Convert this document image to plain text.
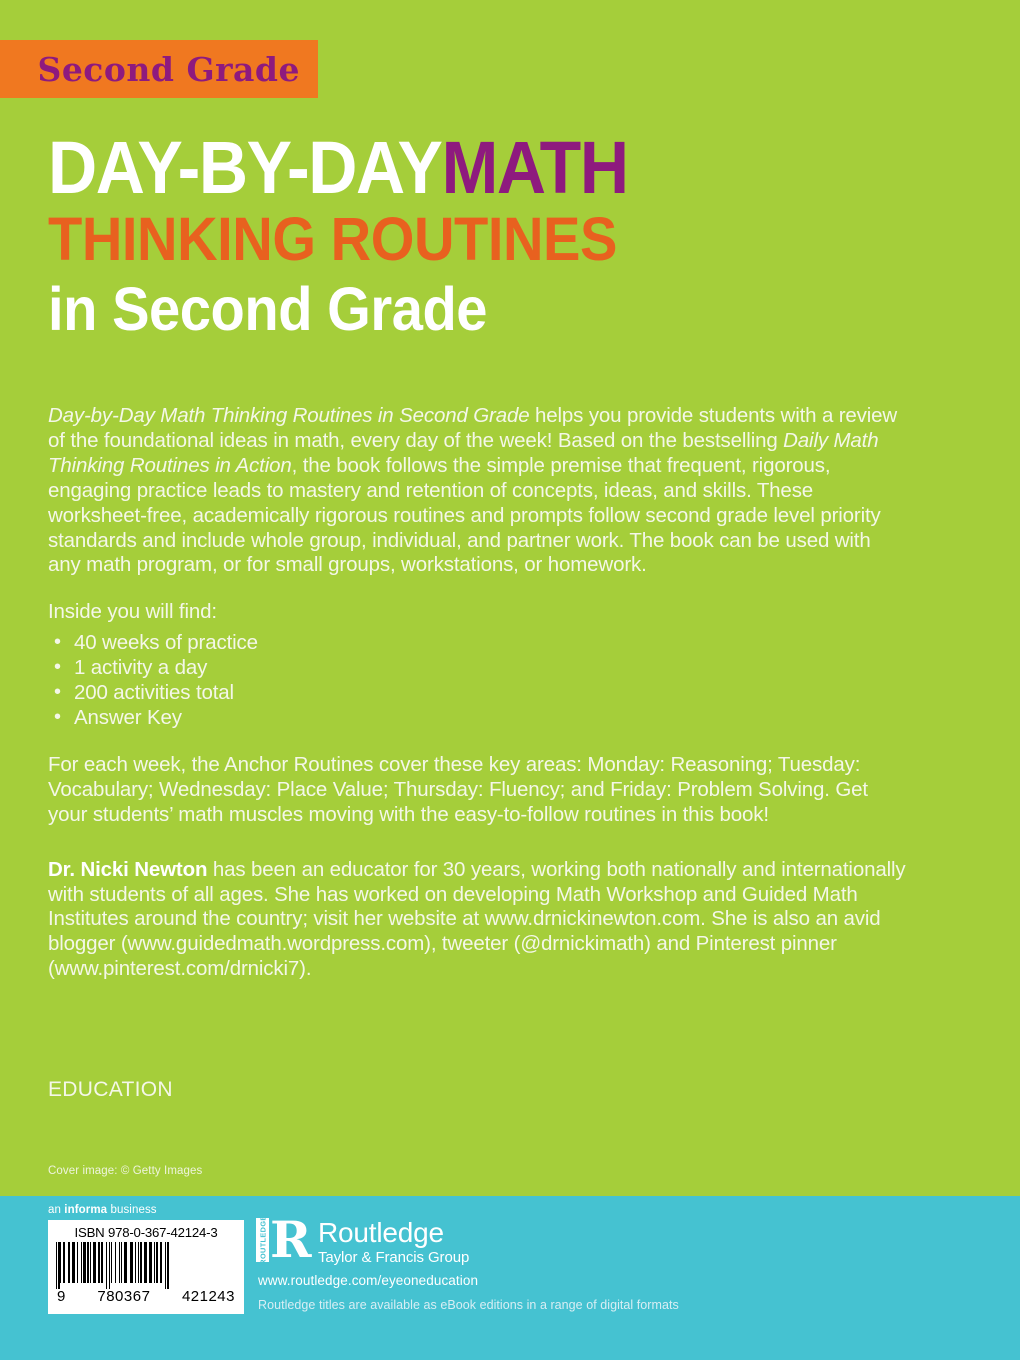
Second Grade
DAY-BY-DAYMATH
THINKING ROUTINES
in Second Grade

Day-by-Day Math Thinking Routines in Second Grade helps you provide students with a review of the foundational ideas in math, every day of the week! Based on the bestselling Daily Math Thinking Routines in Action, the book follows the simple premise that frequent, rigorous, engaging practice leads to mastery and retention of concepts, ideas, and skills. These worksheet-free, academically rigorous routines and prompts follow second grade level priority standards and include whole group, individual, and partner work. The book can be used with any math program, or for small groups, workstations, or homework.

Inside you will find:

• 40 weeks of practice
• 1 activity a day
• 200 activities total
• Answer Key

For each week, the Anchor Routines cover these key areas: Monday: Reasoning; Tuesday: Vocabulary; Wednesday: Place Value; Thursday: Fluency; and Friday: Problem Solving. Get your students’ math muscles moving with the easy-to-follow routines in this book!

Dr. Nicki Newton has been an educator for 30 years, working both nationally and internationally with students of all ages. She has worked on developing Math Workshop and Guided Math Institutes around the country; visit her website at www.drnickinewton.com. She is also an avid blogger (www.guidedmath.wordpress.com), tweeter (@drnickimath) and Pinterest pinner (www.pinterest.com/drnicki7).

EDUCATION
Cover image: © Getty Images
an informa business
ISBN 978-0-367-42124-3
9 780367 421243
ROUTLEDGE R Routledge
Taylor & Francis Group
www.routledge.com/eyeoneducation
Routledge titles are available as eBook editions in a range of digital formats
